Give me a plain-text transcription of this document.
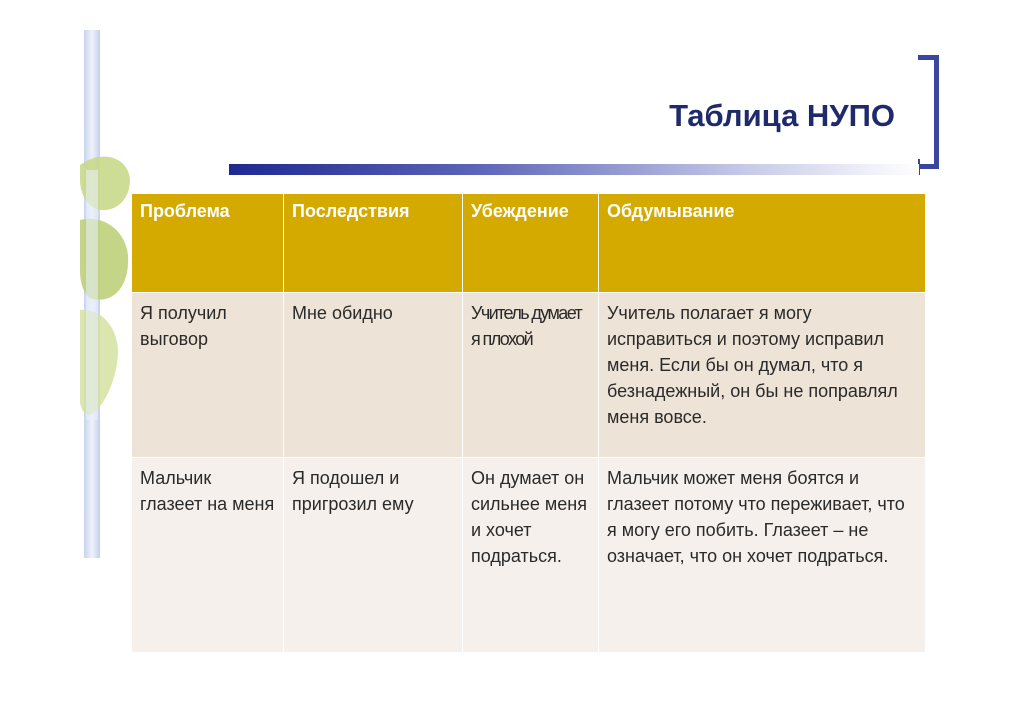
Таблица НУПО
Проблема	Последствия	Убеждение	Обдумывание
Я получил выговор	Мне обидно	Учитель думает я плохой	Учитель полагает я могу исправиться и поэтому исправил меня. Если бы он думал, что я безнадежный, он бы не поправлял меня вовсе.
Мальчик глазеет на меня	Я подошел и пригрозил ему	Он думает он сильнее меня и хочет подраться.	Мальчик может меня боятся и глазеет потому что переживает, что я могу его побить. Глазеет – не означает, что он хочет подраться.
